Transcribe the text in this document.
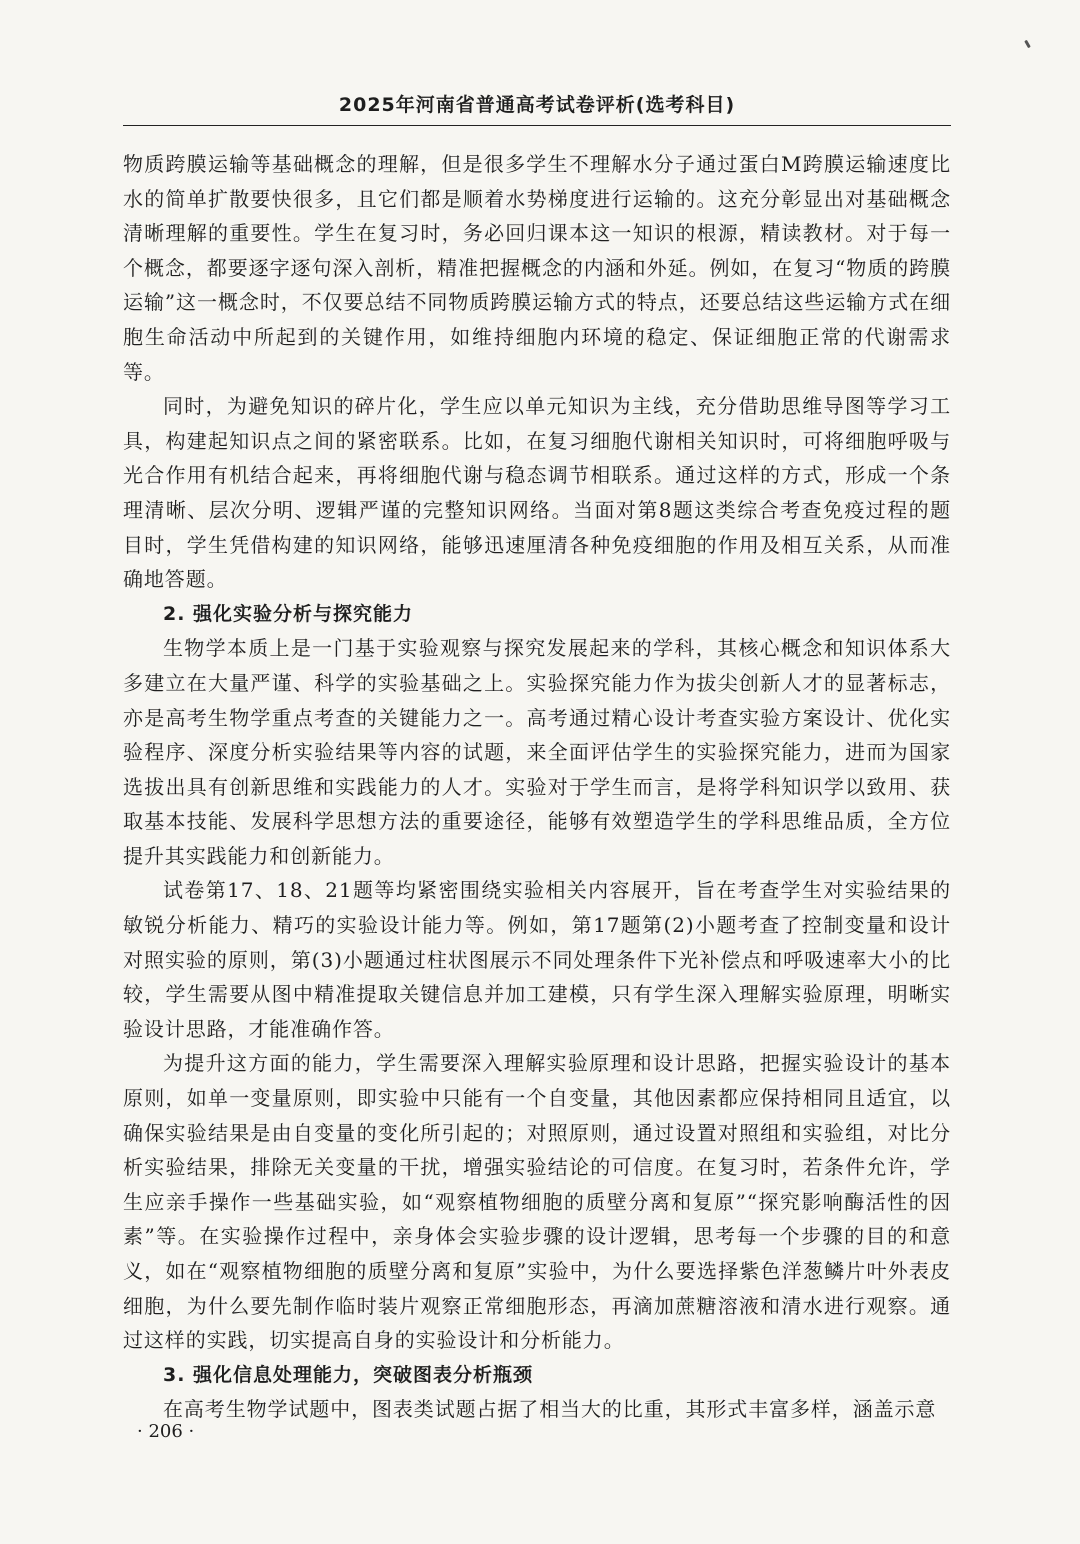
2025年河南省普通高考试卷评析(选考科目)

物质跨膜运输等基础概念的理解，但是很多学生不理解水分子通过蛋白M跨膜运输速度比水的简单扩散要快很多，且它们都是顺着水势梯度进行运输的。这充分彰显出对基础概念清晰理解的重要性。学生在复习时，务必回归课本这一知识的根源，精读教材。对于每一个概念，都要逐字逐句深入剖析，精准把握概念的内涵和外延。例如，在复习“物质的跨膜运输”这一概念时，不仅要总结不同物质跨膜运输方式的特点，还要总结这些运输方式在细胞生命活动中所起到的关键作用，如维持细胞内环境的稳定、保证细胞正常的代谢需求等。

同时，为避免知识的碎片化，学生应以单元知识为主线，充分借助思维导图等学习工具，构建起知识点之间的紧密联系。比如，在复习细胞代谢相关知识时，可将细胞呼吸与光合作用有机结合起来，再将细胞代谢与稳态调节相联系。通过这样的方式，形成一个条理清晰、层次分明、逻辑严谨的完整知识网络。当面对第8题这类综合考查免疫过程的题目时，学生凭借构建的知识网络，能够迅速厘清各种免疫细胞的作用及相互关系，从而准确地答题。

2. 强化实验分析与探究能力

生物学本质上是一门基于实验观察与探究发展起来的学科，其核心概念和知识体系大多建立在大量严谨、科学的实验基础之上。实验探究能力作为拔尖创新人才的显著标志，亦是高考生物学重点考查的关键能力之一。高考通过精心设计考查实验方案设计、优化实验程序、深度分析实验结果等内容的试题，来全面评估学生的实验探究能力，进而为国家选拔出具有创新思维和实践能力的人才。实验对于学生而言，是将学科知识学以致用、获取基本技能、发展科学思想方法的重要途径，能够有效塑造学生的学科思维品质，全方位提升其实践能力和创新能力。

试卷第17、18、21题等均紧密围绕实验相关内容展开，旨在考查学生对实验结果的敏锐分析能力、精巧的实验设计能力等。例如，第17题第(2)小题考查了控制变量和设计对照实验的原则，第(3)小题通过柱状图展示不同处理条件下光补偿点和呼吸速率大小的比较，学生需要从图中精准提取关键信息并加工建模，只有学生深入理解实验原理，明晰实验设计思路，才能准确作答。

为提升这方面的能力，学生需要深入理解实验原理和设计思路，把握实验设计的基本原则，如单一变量原则，即实验中只能有一个自变量，其他因素都应保持相同且适宜，以确保实验结果是由自变量的变化所引起的；对照原则，通过设置对照组和实验组，对比分析实验结果，排除无关变量的干扰，增强实验结论的可信度。在复习时，若条件允许，学生应亲手操作一些基础实验，如“观察植物细胞的质壁分离和复原”“探究影响酶活性的因素”等。在实验操作过程中，亲身体会实验步骤的设计逻辑，思考每一个步骤的目的和意义，如在“观察植物细胞的质壁分离和复原”实验中，为什么要选择紫色洋葱鳞片叶外表皮细胞，为什么要先制作临时装片观察正常细胞形态，再滴加蔗糖溶液和清水进行观察。通过这样的实践，切实提高自身的实验设计和分析能力。

3. 强化信息处理能力，突破图表分析瓶颈

在高考生物学试题中，图表类试题占据了相当大的比重，其形式丰富多样，涵盖示意

· 206 ·
